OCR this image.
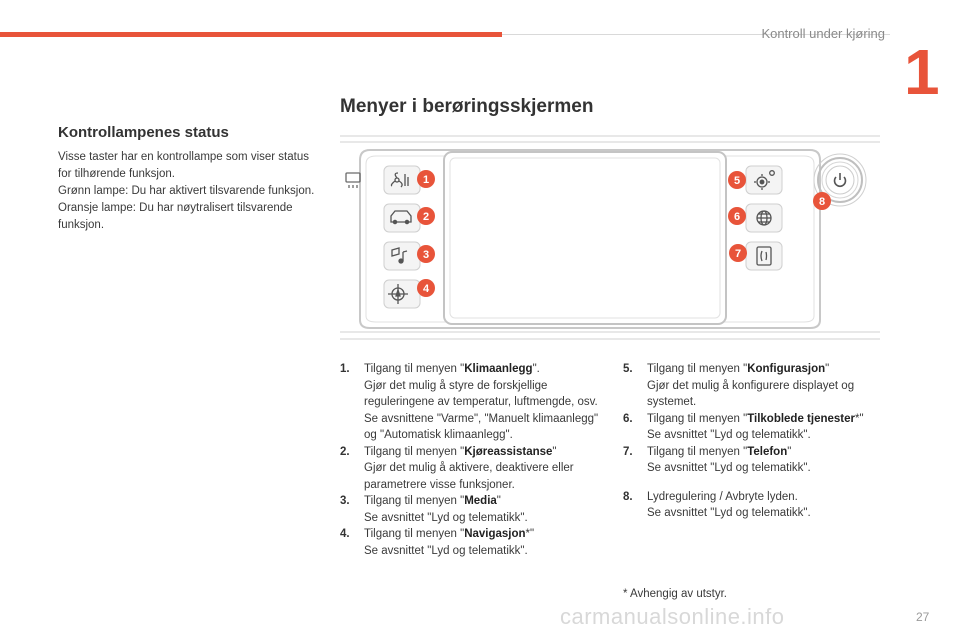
Kontroll under kjøring
1
Menyer i berøringsskjermen
Kontrollampenes status

Visse taster har en kontrollampe som viser status for tilhørende funksjon.

Grønn lampe: Du har aktivert tilsvarende funksjon.

Oransje lampe: Du har nøytralisert tilsvarende funksjon.

1
2
3
4
5
6
7
8
1. Tilgang til menyen "Klimaanlegg".
Gjør det mulig å styre de forskjellige reguleringene av temperatur, luftmengde, osv. Se avsnittene "Varme", "Manuelt klimaanlegg" og "Automatisk klimaanlegg".
2. Tilgang til menyen "Kjøreassistanse"
Gjør det mulig å aktivere, deaktivere eller parametrere visse funksjoner.
3. Tilgang til menyen "Media"
Se avsnittet "Lyd og telematikk".
4. Tilgang til menyen "Navigasjon*"
Se avsnittet "Lyd og telematikk".
5. Tilgang til menyen "Konfigurasjon"
Gjør det mulig å konfigurere displayet og systemet.
6. Tilgang til menyen "Tilkoblede tjenester*"
Se avsnittet "Lyd og telematikk".
7. Tilgang til menyen "Telefon"
Se avsnittet "Lyd og telematikk".
8. Lydregulering / Avbryte lyden.
Se avsnittet "Lyd og telematikk".
* Avhengig av utstyr.
carmanualsonline.info	27
